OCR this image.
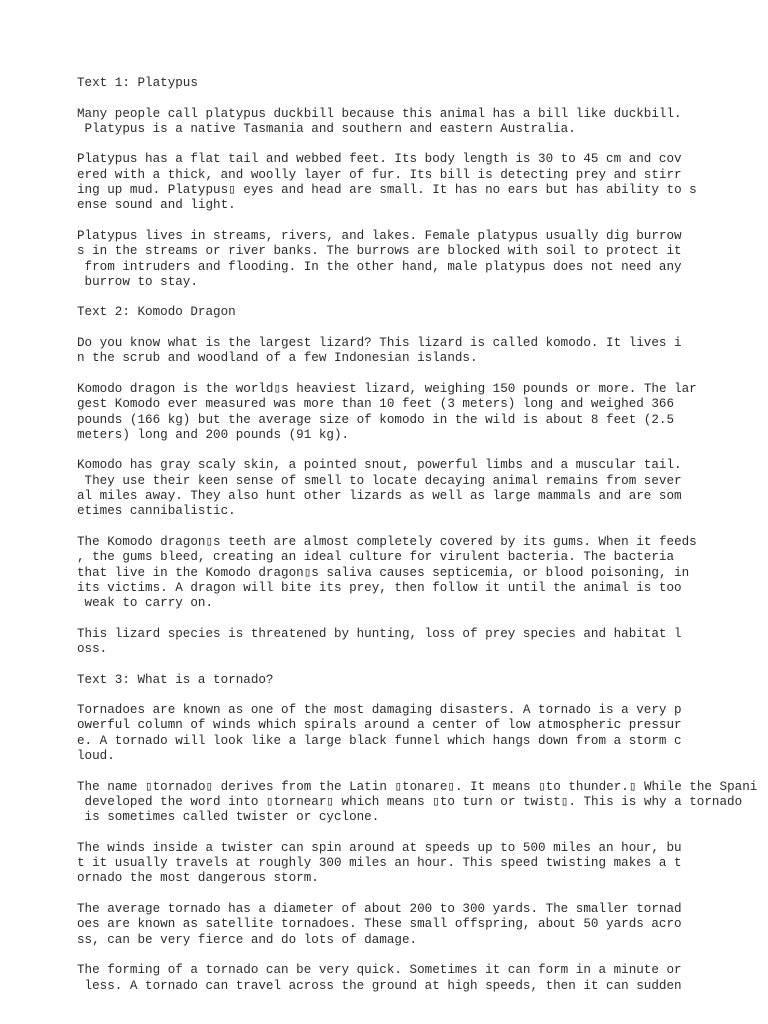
Text 1: Platypus
Many people call platypus duckbill because this animal has a bill like duckbill.
Platypus is a native Tasmania and southern and eastern Australia.
Platypus has a flat tail and webbed feet. Its body length is 30 to 45 cm and cov
ered with a thick, and woolly layer of fur. Its bill is detecting prey and stirr
ing up mud. Platypus▯ eyes and head are small. It has no ears but has ability to s
ense sound and light.
Platypus lives in streams, rivers, and lakes. Female platypus usually dig burrow
s in the streams or river banks. The burrows are blocked with soil to protect it
from intruders and flooding. In the other hand, male platypus does not need any
burrow to stay.
Text 2: Komodo Dragon
Do you know what is the largest lizard? This lizard is called komodo. It lives i
n the scrub and woodland of a few Indonesian islands.
Komodo dragon is the world▯s heaviest lizard, weighing 150 pounds or more. The lar
gest Komodo ever measured was more than 10 feet (3 meters) long and weighed 366
pounds (166 kg) but the average size of komodo in the wild is about 8 feet (2.5
meters) long and 200 pounds (91 kg).
Komodo has gray scaly skin, a pointed snout, powerful limbs and a muscular tail.
They use their keen sense of smell to locate decaying animal remains from sever
al miles away. They also hunt other lizards as well as large mammals and are som
etimes cannibalistic.
The Komodo dragon▯s teeth are almost completely covered by its gums. When it feeds
, the gums bleed, creating an ideal culture for virulent bacteria. The bacteria
that live in the Komodo dragon▯s saliva causes septicemia, or blood poisoning, in
its victims. A dragon will bite its prey, then follow it until the animal is too
weak to carry on.
This lizard species is threatened by hunting, loss of prey species and habitat l
oss.
Text 3: What is a tornado?
Tornadoes are known as one of the most damaging disasters. A tornado is a very p
owerful column of winds which spirals around a center of low atmospheric pressur
e. A tornado will look like a large black funnel which hangs down from a storm c
loud.
The name ▯tornado▯ derives from the Latin ▯tonare▯. It means ▯to thunder.▯ While the Spani
developed the word into ▯tornear▯ which means ▯to turn or twist▯. This is why a tornado
is sometimes called twister or cyclone.
The winds inside a twister can spin around at speeds up to 500 miles an hour, bu
t it usually travels at roughly 300 miles an hour. This speed twisting makes a t
ornado the most dangerous storm.
The average tornado has a diameter of about 200 to 300 yards. The smaller tornad
oes are known as satellite tornadoes. These small offspring, about 50 yards acro
ss, can be very fierce and do lots of damage.
The forming of a tornado can be very quick. Sometimes it can form in a minute or
less. A tornado can travel across the ground at high speeds, then it can sudden
